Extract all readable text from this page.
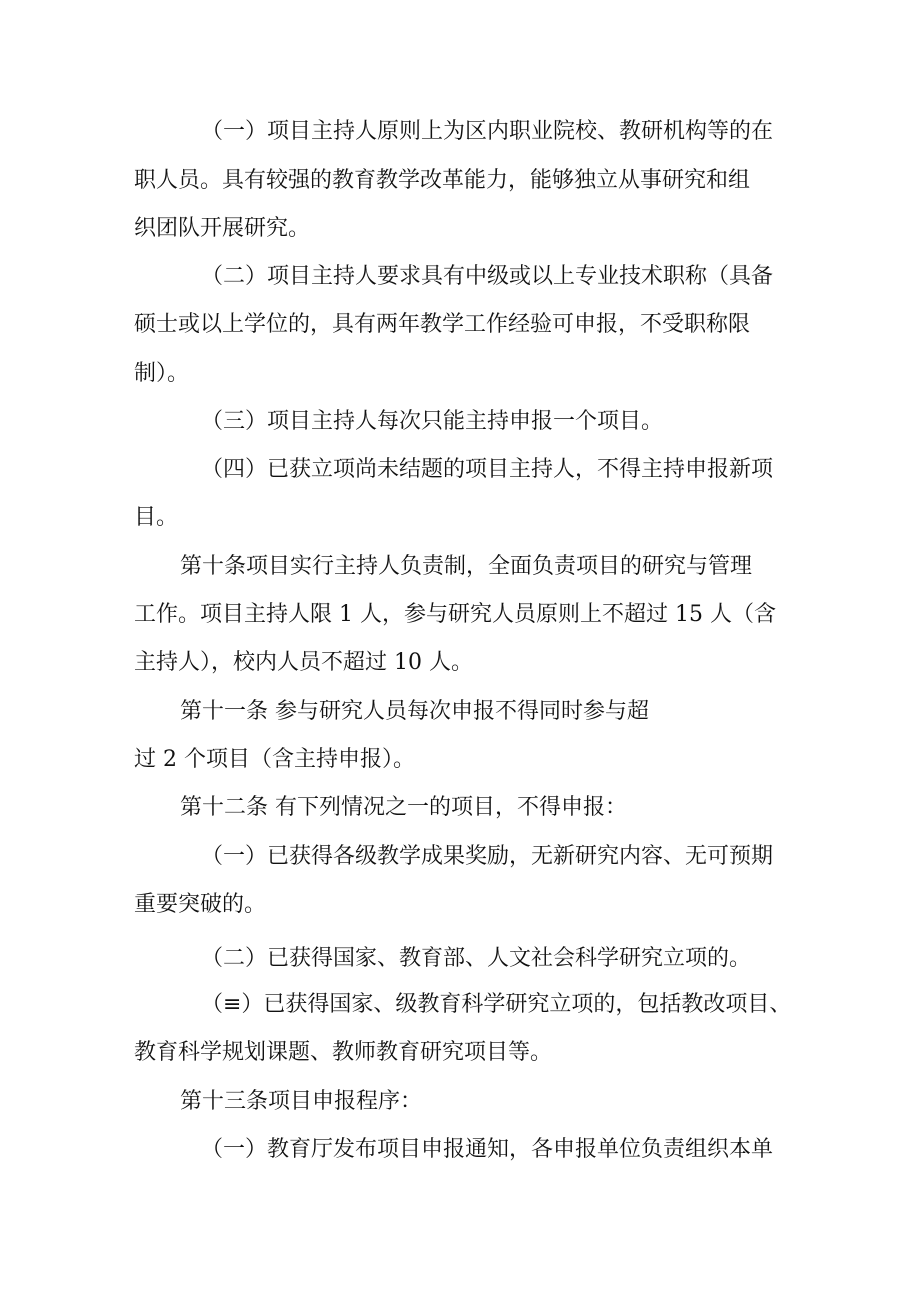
（一）项目主持人原则上为区内职业院校、教研机构等的在
职人员。具有较强的教育教学改革能力，能够独立从事研究和组
织团队开展研究。
（二）项目主持人要求具有中级或以上专业技术职称（具备
硕士或以上学位的，具有两年教学工作经验可申报，不受职称限
制）。
（三）项目主持人每次只能主持申报一个项目。
（四）已获立项尚未结题的项目主持人，不得主持申报新项
目。
第十条项目实行主持人负责制，全面负责项目的研究与管理
工作。项目主持人限 1 人，参与研究人员原则上不超过 15 人（含
主持人），校内人员不超过 10 人。
第十一条 参与研究人员每次申报不得同时参与超
过 2 个项目（含主持申报）。
第十二条 有下列情况之一的项目，不得申报：
（一）已获得各级教学成果奖励，无新研究内容、无可预期
重要突破的。
（二）已获得国家、教育部、人文社会科学研究立项的。
（≡）已获得国家、级教育科学研究立项的，包括教改项目、
教育科学规划课题、教师教育研究项目等。
第十三条项目申报程序：
（一）教育厅发布项目申报通知，各申报单位负责组织本单
